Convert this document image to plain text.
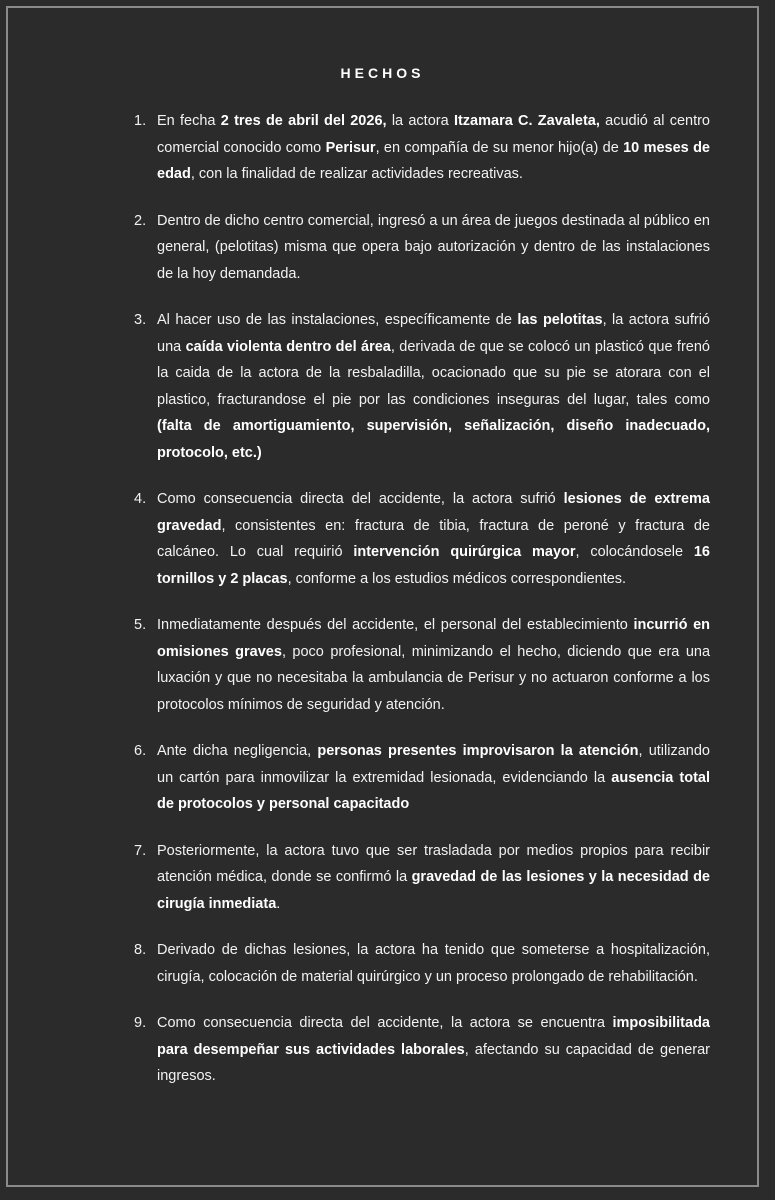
HECHOS
1. En fecha 2 tres de abril del 2026, la actora Itzamara C. Zavaleta, acudió al centro comercial conocido como Perisur, en compañía de su menor hijo(a) de 10 meses de edad, con la finalidad de realizar actividades recreativas.
2. Dentro de dicho centro comercial, ingresó a un área de juegos destinada al público en general, (pelotitas) misma que opera bajo autorización y dentro de las instalaciones de la hoy demandada.
3. Al hacer uso de las instalaciones, específicamente de las pelotitas, la actora sufrió una caída violenta dentro del área, derivada de que se colocó un plasticó que frenó la caida de la actora de la resbaladilla, ocacionado que su pie se atorara con el plastico, fracturandose el pie por las condiciones inseguras del lugar, tales como (falta de amortiguamiento, supervisión, señalización, diseño inadecuado, protocolo, etc.)
4. Como consecuencia directa del accidente, la actora sufrió lesiones de extrema gravedad, consistentes en: fractura de tibia, fractura de peroné y fractura de calcáneo. Lo cual requirió intervención quirúrgica mayor, colocándosele 16 tornillos y 2 placas, conforme a los estudios médicos correspondientes.
5. Inmediatamente después del accidente, el personal del establecimiento incurrió en omisiones graves, poco profesional, minimizando el hecho, diciendo que era una luxación y que no necesitaba la ambulancia de Perisur y no actuaron conforme a los protocolos mínimos de seguridad y atención.
6. Ante dicha negligencia, personas presentes improvisaron la atención, utilizando un cartón para inmovilizar la extremidad lesionada, evidenciando la ausencia total de protocolos y personal capacitado
7. Posteriormente, la actora tuvo que ser trasladada por medios propios para recibir atención médica, donde se confirmó la gravedad de las lesiones y la necesidad de cirugía inmediata.
8. Derivado de dichas lesiones, la actora ha tenido que someterse a hospitalización, cirugía, colocación de material quirúrgico y un proceso prolongado de rehabilitación.
9. Como consecuencia directa del accidente, la actora se encuentra imposibilitada para desempeñar sus actividades laborales, afectando su capacidad de generar ingresos.
